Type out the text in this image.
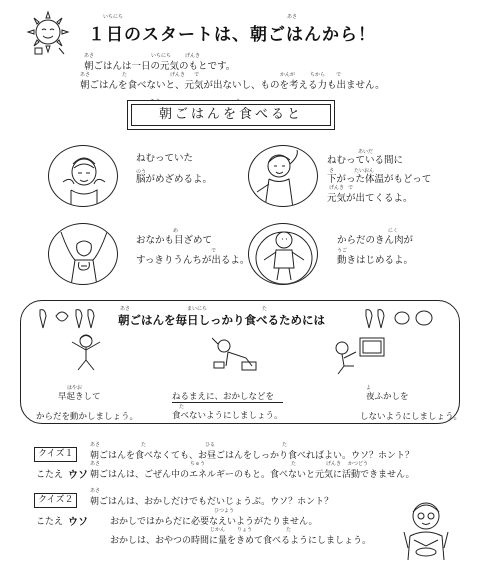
いちにち	あさ
１日のスタートは、朝ごはんから！
あさ	いちにち	げんき
朝ごはんは一日の元気のもとです。
あさ	た	げんき で	かんが	ちから で
朝ごはんを食べないと、元気が出ないし、ものを考える力も出ません。
あさ	た
朝ごはんを食べると
のう
ねむっていた
脳がめざめるよ。
あいだ
さ	たいおん
げんき で
ねむっている間に
下がった体温がもどって
元気が出てくるよ。
め
で
おなかも目ざめて
すっきりうんちが出るよ。
にく
うご
からだのきん肉が
動きはじめるよ。
あさ	まいにち	た
朝ごはんを毎日しっかり食べるためには
はやお
早起きして
からだを動かしましょう。
た
ねるまえに、おかしなどを
食べないようにしましょう。
よ
夜ふかしを
しないようにしましょう。
あさ	た	ひる	た
クイズ１	朝ごはんを食べなくても、お昼ごはんをしっかり食べればよい。ウソ？ホント？
こたえ ウソ
あさ	ちゅう	た	げんき かつどう
朝ごはんは、ごぜん中のエネルギーのもと。食べないと元気に活動できません。
あさ
クイズ２	朝ごはんは、おかしだけでもだいじょうぶ。ウソ？ホント？
こたえ ウソ
ひつよう
おかしではからだに必要なえいようがたりません。
じかん りょう	た
おかしは、おやつの時間に量をきめて食べるようにしましょう。
